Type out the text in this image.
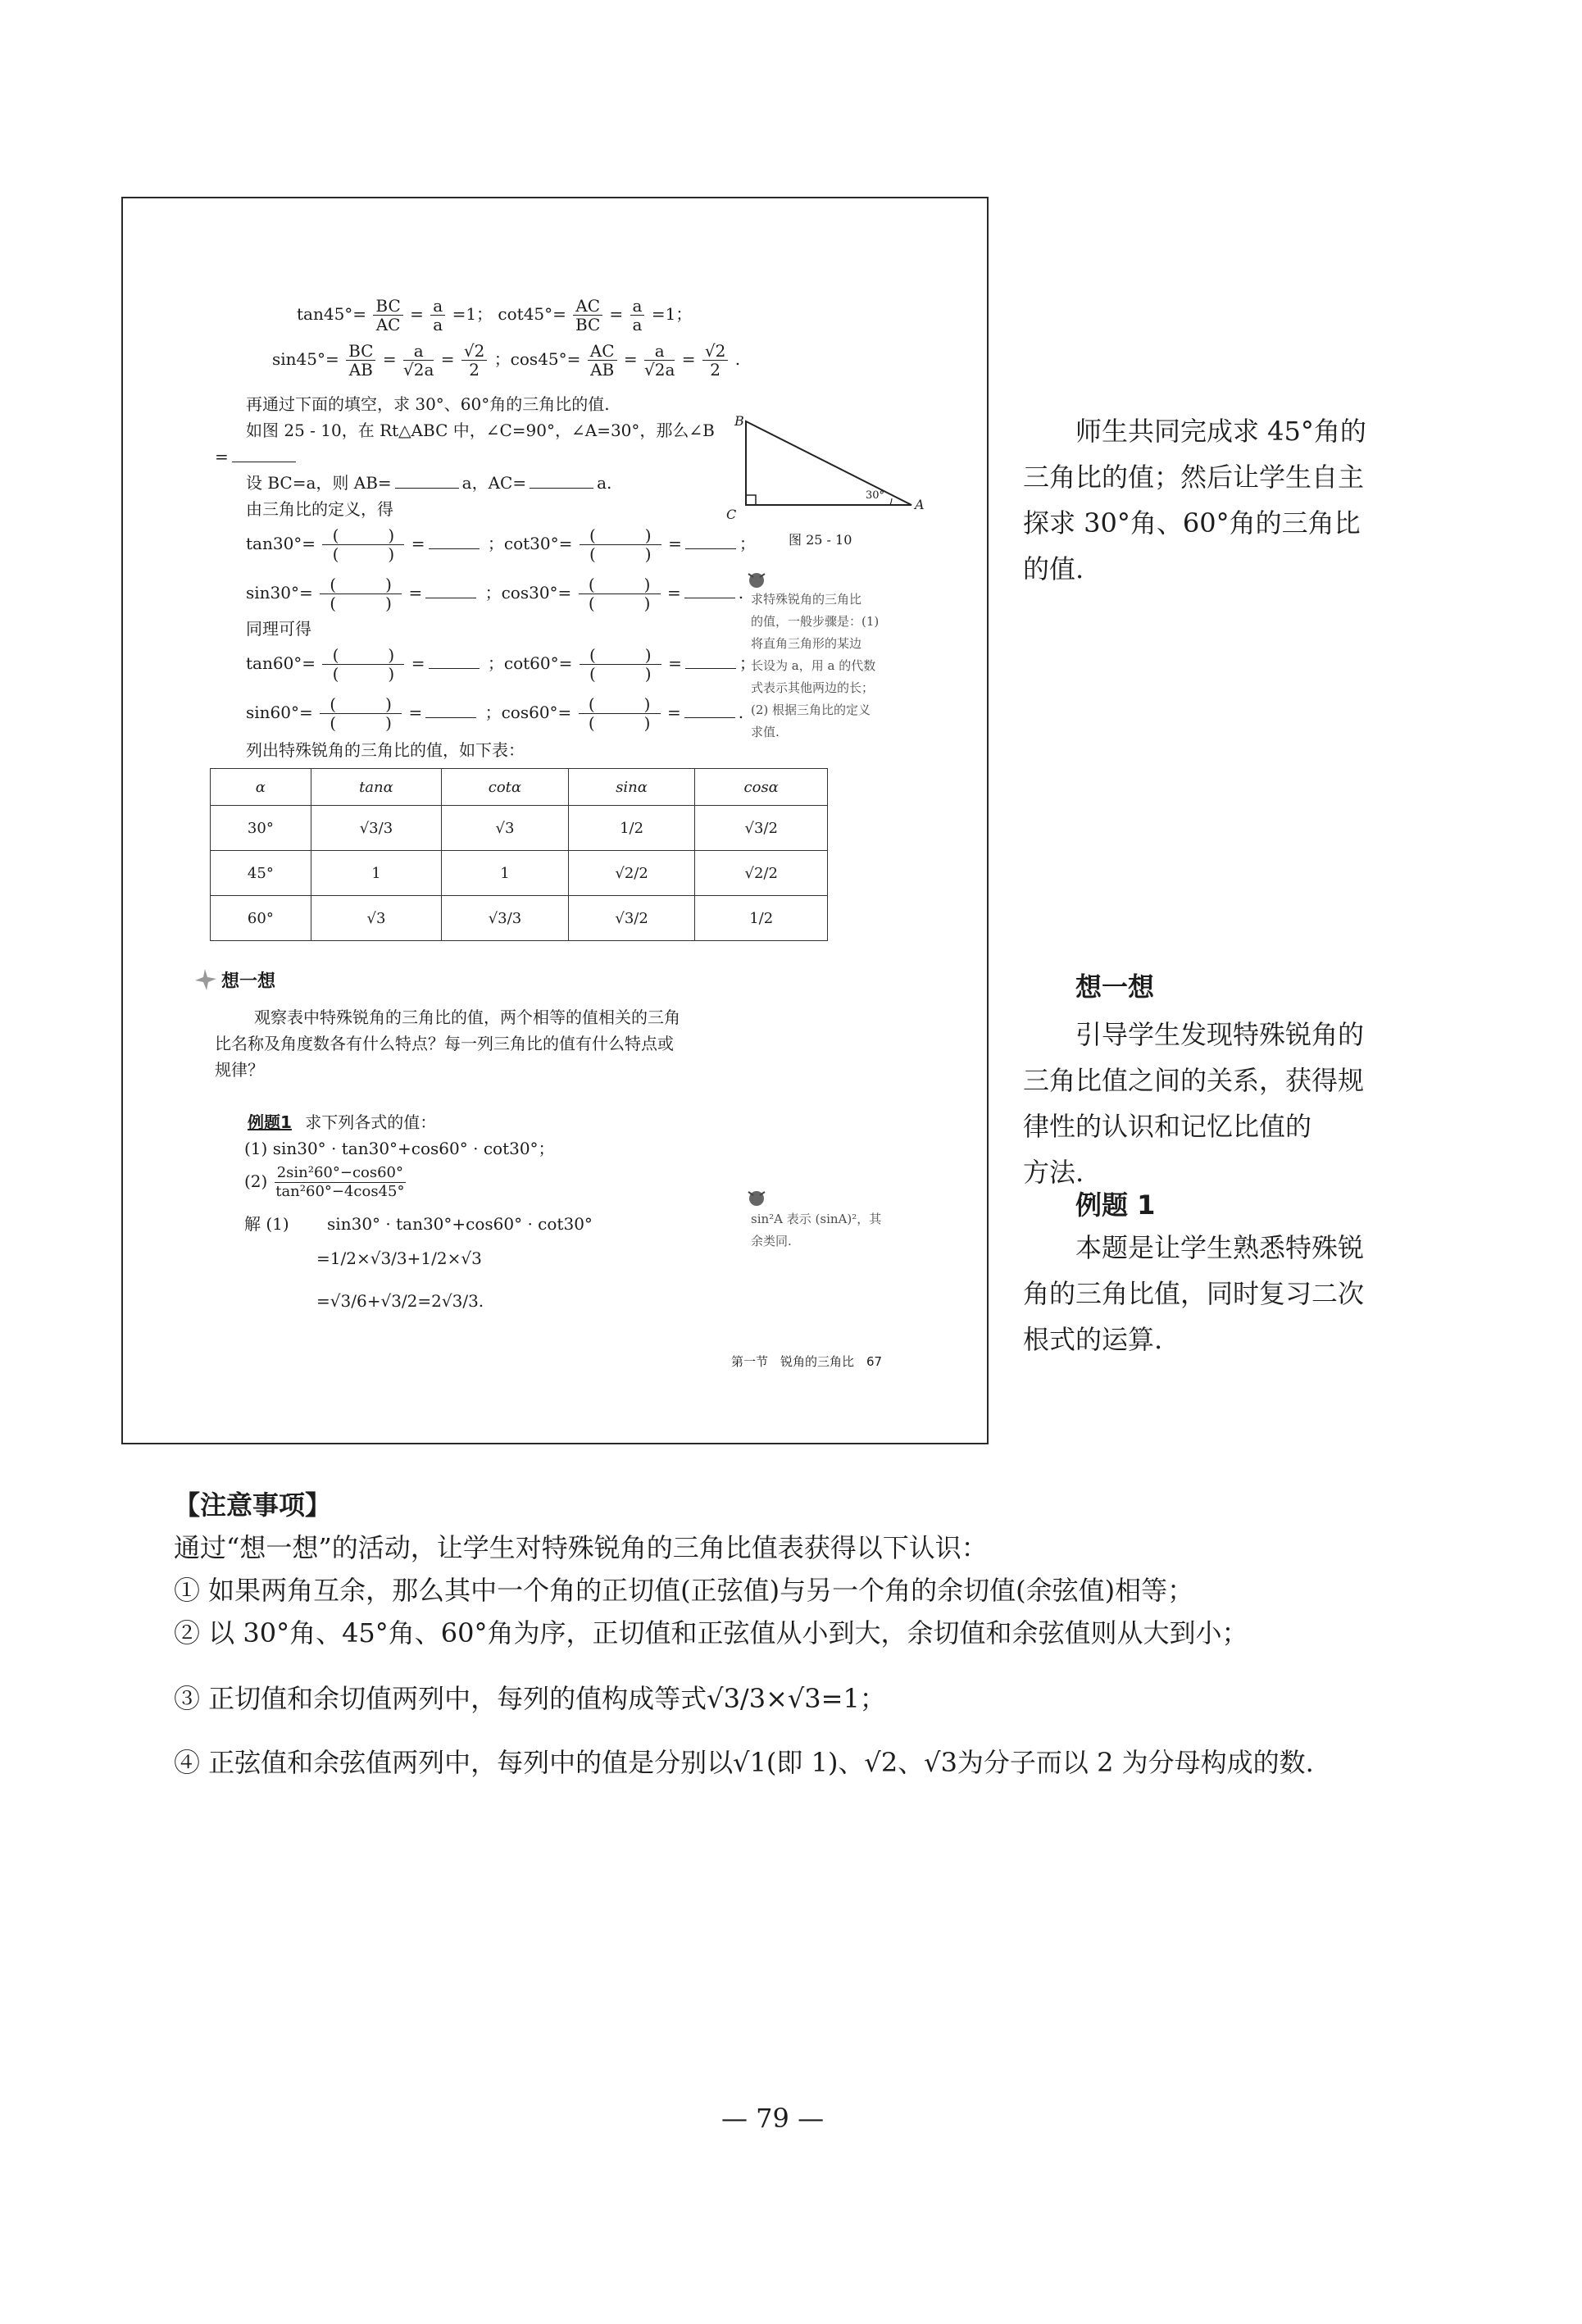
$\tan 45^\circ= \frac{BC}{AC} = \frac{a}{a} =1$； $\cot 45^\circ= \frac{AC}{BC} = \frac{a}{a} =1$；
$\sin 45^\circ= \frac{BC}{AB} = \frac{a}{√2a} = \frac{√2}{2}$ ；$\cos 45^\circ= \frac{AC}{AB} = \frac{a}{√2a} = \frac{√2}{2}$ .
再通过下面的填空，求 30°、60°角的三角比的值.
如图 25 - 10，在 Rt△ABC 中，∠C=90°，∠A=30°，那么∠B
=
设 BC=a，则 AB=	a，AC=	a.
由三角比的定义，得
$\tan 30^\circ= \frac{( )}{( )}$ =	；$\cot 30^\circ= \frac{( )}{( )}$ =	；
$\sin 30^\circ= \frac{( )}{( )}$ =	；$\cos 30^\circ= \frac{( )}{( )}$ =	.
同理可得
$\tan 60^\circ= \frac{( )}{( )}$ =	；$\cot 60^\circ= \frac{( )}{( )}$ =	；
$\sin 60^\circ= \frac{( )}{( )}$ =	；$\cos 60^\circ= \frac{( )}{( )}$ =	.
列出特殊锐角的三角比的值，如下表：
α	tanα	cotα	sinα	cosα
30°	√3/3	√3	1/2	√3/2
45°	1	1	√2/2	√2/2
60°	√3	√3/3	√3/2	1/2
B
C
A
30°
图 25 - 10
求特殊锐角的三角比
的值，一般步骤是：(1)
将直角三角形的某边
长设为 a，用 a 的代数
式表示其他两边的长；
(2) 根据三角比的定义
求值.
想一想
观察表中特殊锐角的三角比的值，两个相等的值相关的三角
比名称及角度数各有什么特点？每一列三角比的值有什么特点或
规律？
例题1 求下列各式的值：
(1) sin30° · tan30°+cos60° · cot30°；
$(2) \frac{\text{2sin²60°−cos60°}}{\text{tan²60°−4cos45°}}$
解 (1) sin30° · tan30°+cos60° · cot30°
=1/2×√3/3+1/2×√3
=√3/6+√3/2=2√3/3.
sin²A 表示 (sinA)²，其
余类同.
第一节　锐角的三角比　67
师生共同完成求 45°角的
三角比的值；然后让学生自主
探求 30°角、60°角的三角比
的值.
想一想
引导学生发现特殊锐角的
三角比值之间的关系，获得规
律性的认识和记忆比值的
方法.
例题 1
本题是让学生熟悉特殊锐
角的三角比值，同时复习二次
根式的运算.
【注意事项】
通过“想一想”的活动，让学生对特殊锐角的三角比值表获得以下认识：
① 如果两角互余，那么其中一个角的正切值(正弦值)与另一个角的余切值(余弦值)相等；
② 以 30°角、45°角、60°角为序，正切值和正弦值从小到大，余切值和余弦值则从大到小；
③ 正切值和余切值两列中，每列的值构成等式√3/3×√3=1；
④ 正弦值和余弦值两列中，每列中的值是分别以√1(即 1)、√2、√3为分子而以 2 为分母构成的数.
— 79 —
